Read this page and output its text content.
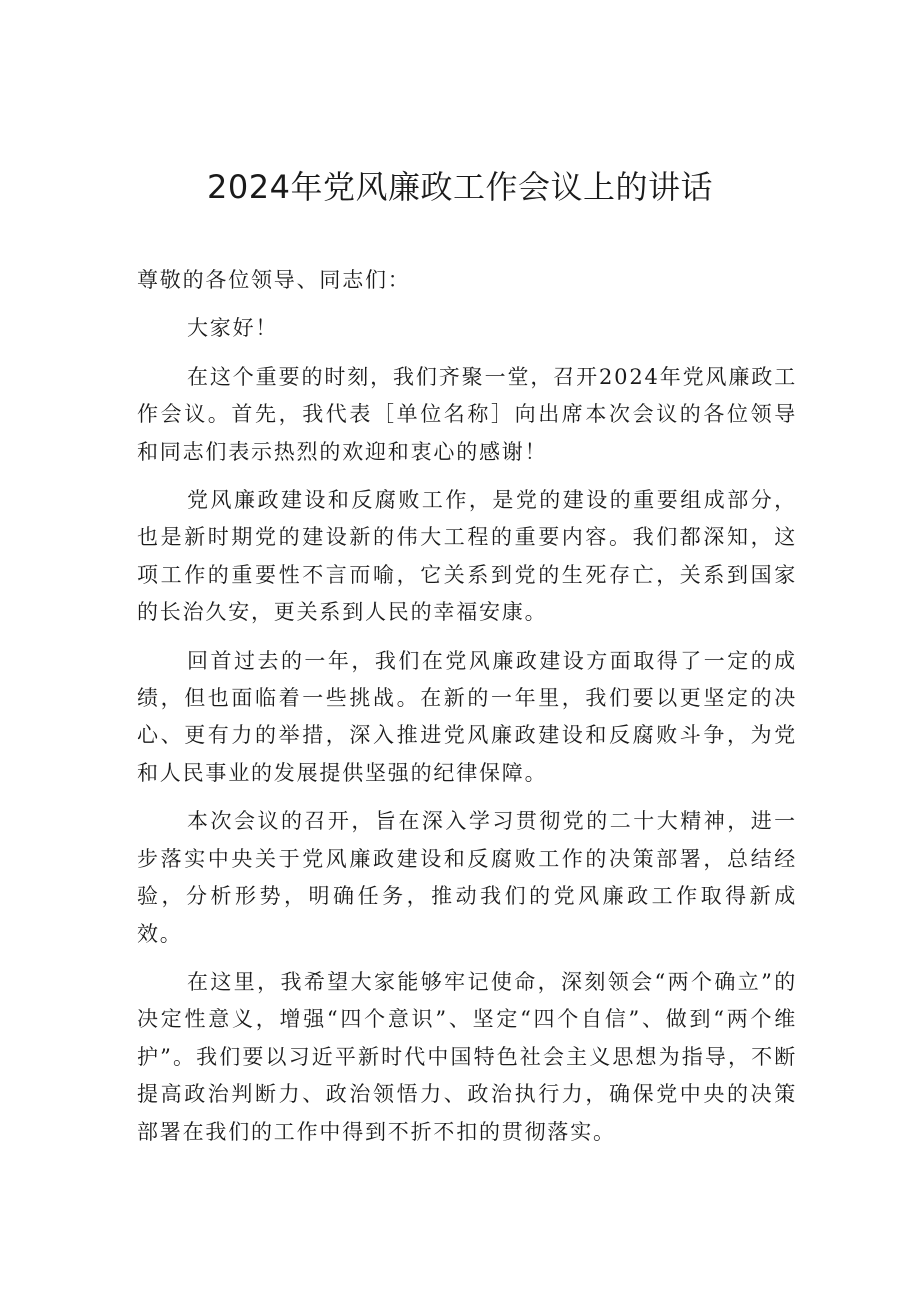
2024年党风廉政工作会议上的讲话

尊敬的各位领导、同志们：

大家好！

在这个重要的时刻，我们齐聚一堂，召开2024年党风廉政工作会议。首先，我代表［单位名称］向出席本次会议的各位领导和同志们表示热烈的欢迎和衷心的感谢！

党风廉政建设和反腐败工作，是党的建设的重要组成部分，也是新时期党的建设新的伟大工程的重要内容。我们都深知，这项工作的重要性不言而喻，它关系到党的生死存亡，关系到国家的长治久安，更关系到人民的幸福安康。

回首过去的一年，我们在党风廉政建设方面取得了一定的成绩，但也面临着一些挑战。在新的一年里，我们要以更坚定的决心、更有力的举措，深入推进党风廉政建设和反腐败斗争，为党和人民事业的发展提供坚强的纪律保障。

本次会议的召开，旨在深入学习贯彻党的二十大精神，进一步落实中央关于党风廉政建设和反腐败工作的决策部署，总结经验，分析形势，明确任务，推动我们的党风廉政工作取得新成效。

在这里，我希望大家能够牢记使命，深刻领会“两个确立”的决定性意义，增强“四个意识”、坚定“四个自信”、做到“两个维护”。我们要以习近平新时代中国特色社会主义思想为指导，不断提高政治判断力、政治领悟力、政治执行力，确保党中央的决策部署在我们的工作中得到不折不扣的贯彻落实。
